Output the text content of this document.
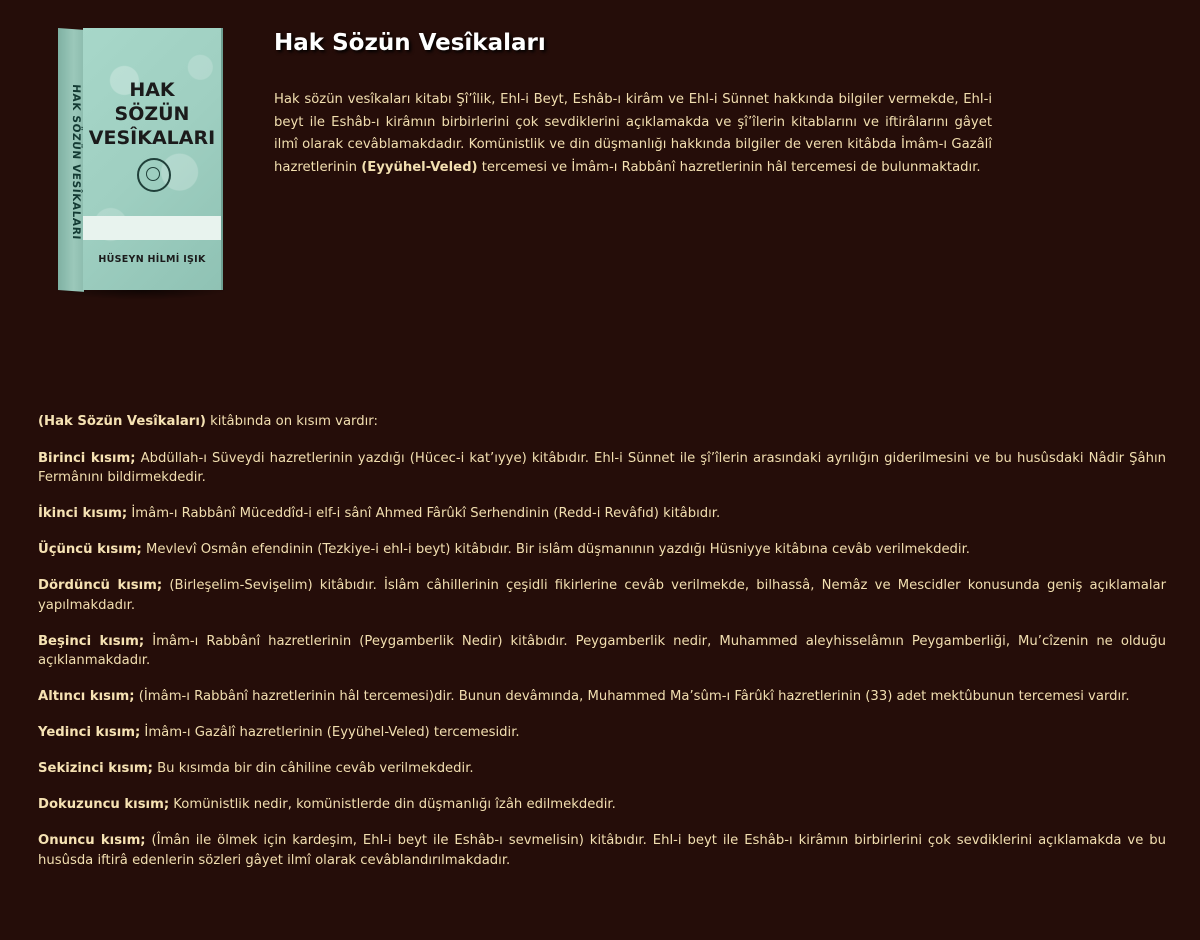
HAK SÖZÜN VESÎKALARI	HAK
SÖZÜN
VESÎKALARI
HÜSEYN HİLMİ IŞIK
Hak Sözün Vesîkaları

Hak sözün vesîkaları kitabı Şî’îlik, Ehl-i Beyt, Eshâb-ı kirâm ve Ehl-i Sünnet hakkında bilgiler vermekde, Ehl-i beyt ile Eshâb-ı kirâmın birbirlerini çok sevdiklerini açıklamakda ve şî’îlerin kitablarını ve iftirâlarını gâyet ilmî olarak cevâblamakdadır. Komünistlik ve din düşmanlığı hakkında bilgiler de veren kitâbda İmâm-ı Gazâlî hazretlerinin (Eyyühel-Veled) tercemesi ve İmâm-ı Rabbânî hazretlerinin hâl tercemesi de bulunmaktadır.

(Hak Sözün Vesîkaları) kitâbında on kısım vardır:

Birinci kısım; Abdüllah-ı Süveydi hazretlerinin yazdığı (Hücec-i kat’ıyye) kitâbıdır. Ehl-i Sünnet ile şî’îlerin arasındaki ayrılığın giderilmesini ve bu husûsdaki Nâdir Şâhın Fermânını bildirmekdedir.
İkinci kısım; İmâm-ı Rabbânî Müceddîd-i elf-i sânî Ahmed Fârûkî Serhendinin (Redd-i Revâfıd) kitâbıdır.
Üçüncü kısım; Mevlevî Osmân efendinin (Tezkiye-i ehl-i beyt) kitâbıdır. Bir islâm düşmanının yazdığı Hüsniyye kitâbına cevâb verilmekdedir.
Dördüncü kısım; (Birleşelim-Sevişelim) kitâbıdır. İslâm câhillerinin çeşidli fikirlerine cevâb verilmekde, bilhassâ, Nemâz ve Mescidler konusunda geniş açıklamalar yapılmakdadır.
Beşinci kısım; İmâm-ı Rabbânî hazretlerinin (Peygamberlik Nedir) kitâbıdır. Peygamberlik nedir, Muhammed aleyhisselâmın Peygamberliği, Mu’cîzenin ne olduğu açıklanmakdadır.
Altıncı kısım; (İmâm-ı Rabbânî hazretlerinin hâl tercemesi)dir. Bunun devâmında, Muhammed Ma’sûm-ı Fârûkî hazretlerinin (33) adet mektûbunun tercemesi vardır.
Yedinci kısım; İmâm-ı Gazâlî hazretlerinin (Eyyühel-Veled) tercemesidir.
Sekizinci kısım; Bu kısımda bir din câhiline cevâb verilmekdedir.
Dokuzuncu kısım; Komünistlik nedir, komünistlerde din düşmanlığı îzâh edilmekdedir.
Onuncu kısım; (Îmân ile ölmek için kardeşim, Ehl-i beyt ile Eshâb-ı sevmelisin) kitâbıdır. Ehl-i beyt ile Eshâb-ı kirâmın birbirlerini çok sevdiklerini açıklamakda ve bu husûsda iftirâ edenlerin sözleri gâyet ilmî olarak cevâblandırılmakdadır.
